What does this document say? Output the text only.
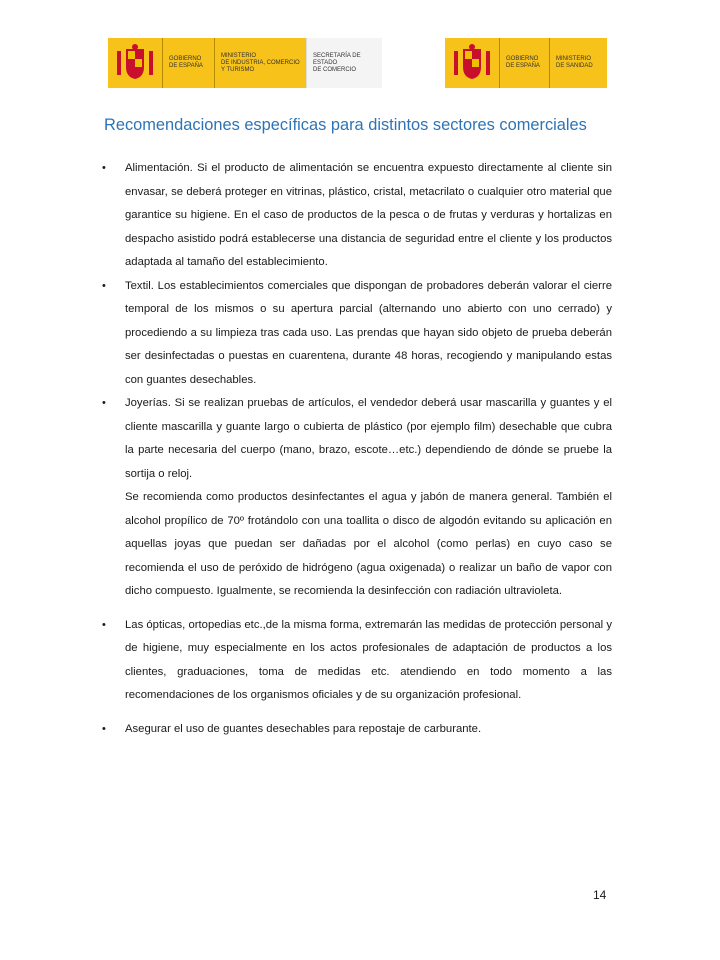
GOBIERNO
DE ESPAÑA
MINISTERIO
DE INDUSTRIA, COMERCIO
Y TURISMO
SECRETARÍA DE ESTADO
DE COMERCIO
GOBIERNO
DE ESPAÑA
MINISTERIO
DE SANIDAD
Recomendaciones específicas para distintos sectores comerciales
• Alimentación. Si el producto de alimentación se encuentra expuesto directamente al cliente sin envasar, se deberá proteger en vitrinas, plástico, cristal, metacrilato o cualquier otro material que garantice su higiene. En el caso de productos de la pesca o de frutas y verduras y hortalizas en despacho asistido podrá establecerse una distancia de seguridad entre el cliente y los productos adaptada al tamaño del establecimiento.

• Textil. Los establecimientos comerciales que dispongan de probadores deberán valorar el cierre temporal de los mismos o su apertura parcial (alternando uno abierto con uno cerrado) y procediendo a su limpieza tras cada uso. Las prendas que hayan sido objeto de prueba deberán ser desinfectadas o puestas en cuarentena, durante 48 horas, recogiendo y manipulando estas con guantes desechables.

• Joyerías. Si se realizan pruebas de artículos, el vendedor deberá usar mascarilla y guantes y el cliente mascarilla y guante largo o cubierta de plástico (por ejemplo film) desechable que cubra la parte necesaria del cuerpo (mano, brazo, escote…etc.) dependiendo de dónde se pruebe la sortija o reloj.

Se recomienda como productos desinfectantes el agua y jabón de manera general. También el alcohol propílico de 70º frotándolo con una toallita o disco de algodón evitando su aplicación en aquellas joyas que puedan ser dañadas por el alcohol (como perlas) en cuyo caso se recomienda el uso de peróxido de hidrógeno (agua oxigenada) o realizar un baño de vapor con dicho compuesto. Igualmente, se recomienda la desinfección con radiación ultravioleta.

• Las ópticas, ortopedias etc.,de la misma forma, extremarán las medidas de protección personal y de higiene, muy especialmente en los actos profesionales de adaptación de productos a los clientes, graduaciones, toma de medidas etc. atendiendo en todo momento a las recomendaciones de los organismos oficiales y de su organización profesional.

• Asegurar el uso de guantes desechables para repostaje de carburante.

14
